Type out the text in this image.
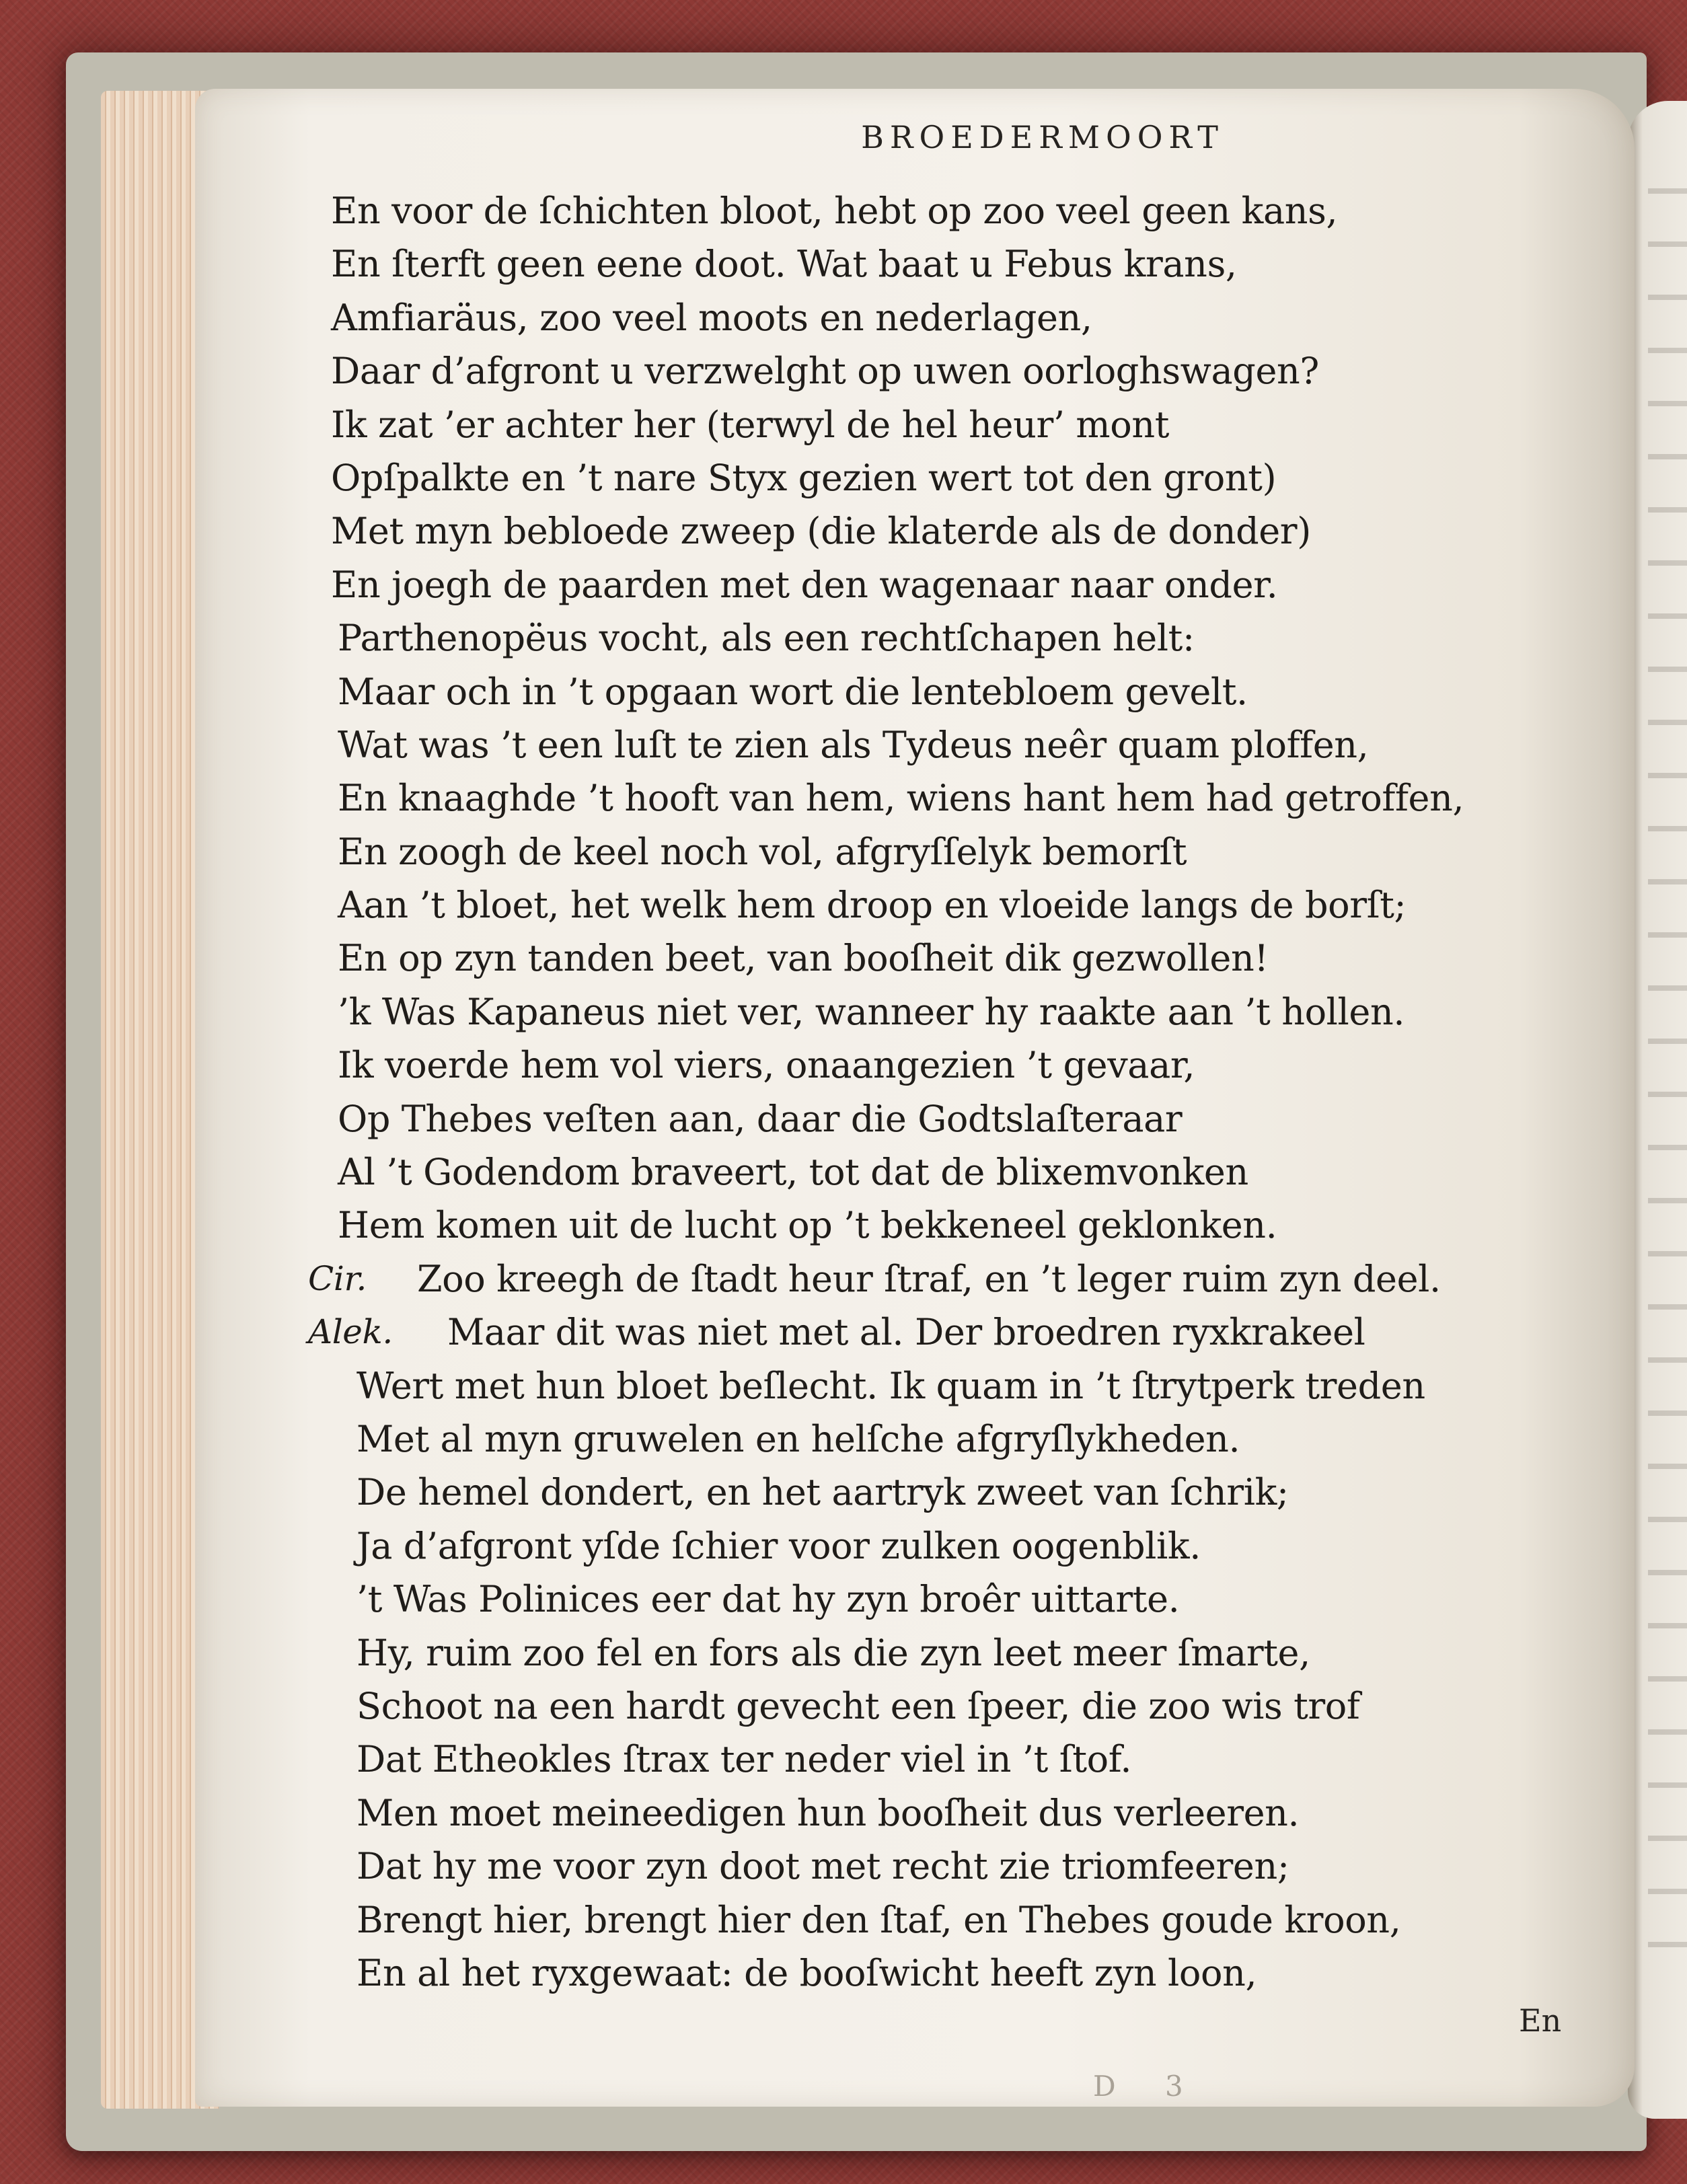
BROEDERMOORT
En voor de ſchichten bloot, hebt op zoo veel geen kans,
En ſterft geen eene doot. Wat baat u Febus krans,
Amfiaräus, zoo veel moots en nederlagen,
Daar d’afgront u verzwelght op uwen oorloghswagen?
Ik zat ’er achter her (terwyl de hel heur’ mont
Opſpalkte en ’t nare Styx gezien wert tot den gront)
Met myn bebloede zweep (die klaterde als de donder)
En joegh de paarden met den wagenaar naar onder.
Parthenopëus vocht, als een rechtſchapen helt:
Maar och in ’t opgaan wort die lentebloem gevelt.
Wat was ’t een luſt te zien als Tydeus neêr quam ploffen,
En knaaghde ’t hooft van hem, wiens hant hem had getroffen,
En zoogh de keel noch vol, afgryſſelyk bemorſt
Aan ’t bloet, het welk hem droop en vloeide langs de borſt;
En op zyn tanden beet, van booſheit dik gezwollen!
’k Was Kapaneus niet ver, wanneer hy raakte aan ’t hollen.
Ik voerde hem vol viers, onaangezien ’t gevaar,
Op Thebes veſten aan, daar die Godtslaſteraar
Al ’t Godendom braveert, tot dat de blixemvonken
Hem komen uit de lucht op ’t bekkeneel geklonken.
Cir. Zoo kreegh de ſtadt heur ſtraf, en ’t leger ruim zyn deel.
Alek. Maar dit was niet met al. Der broedren ryxkrakeel
Wert met hun bloet beſlecht. Ik quam in ’t ſtrytperk treden
Met al myn gruwelen en helſche afgryſlykheden.
De hemel dondert, en het aartryk zweet van ſchrik;
Ja d’afgront yſde ſchier voor zulken oogenblik.
’t Was Polinices eer dat hy zyn broêr uittarte.
Hy, ruim zoo fel en fors als die zyn leet meer ſmarte,
Schoot na een hardt gevecht een ſpeer, die zoo wis trof
Dat Etheokles ſtrax ter neder viel in ’t ſtof.
Men moet meineedigen hun booſheit dus verleeren.
Dat hy me voor zyn doot met recht zie triomfeeren;
Brengt hier, brengt hier den ſtaf, en Thebes goude kroon,
En al het ryxgewaat: de booſwicht heeft zyn loon,
En
D 3
